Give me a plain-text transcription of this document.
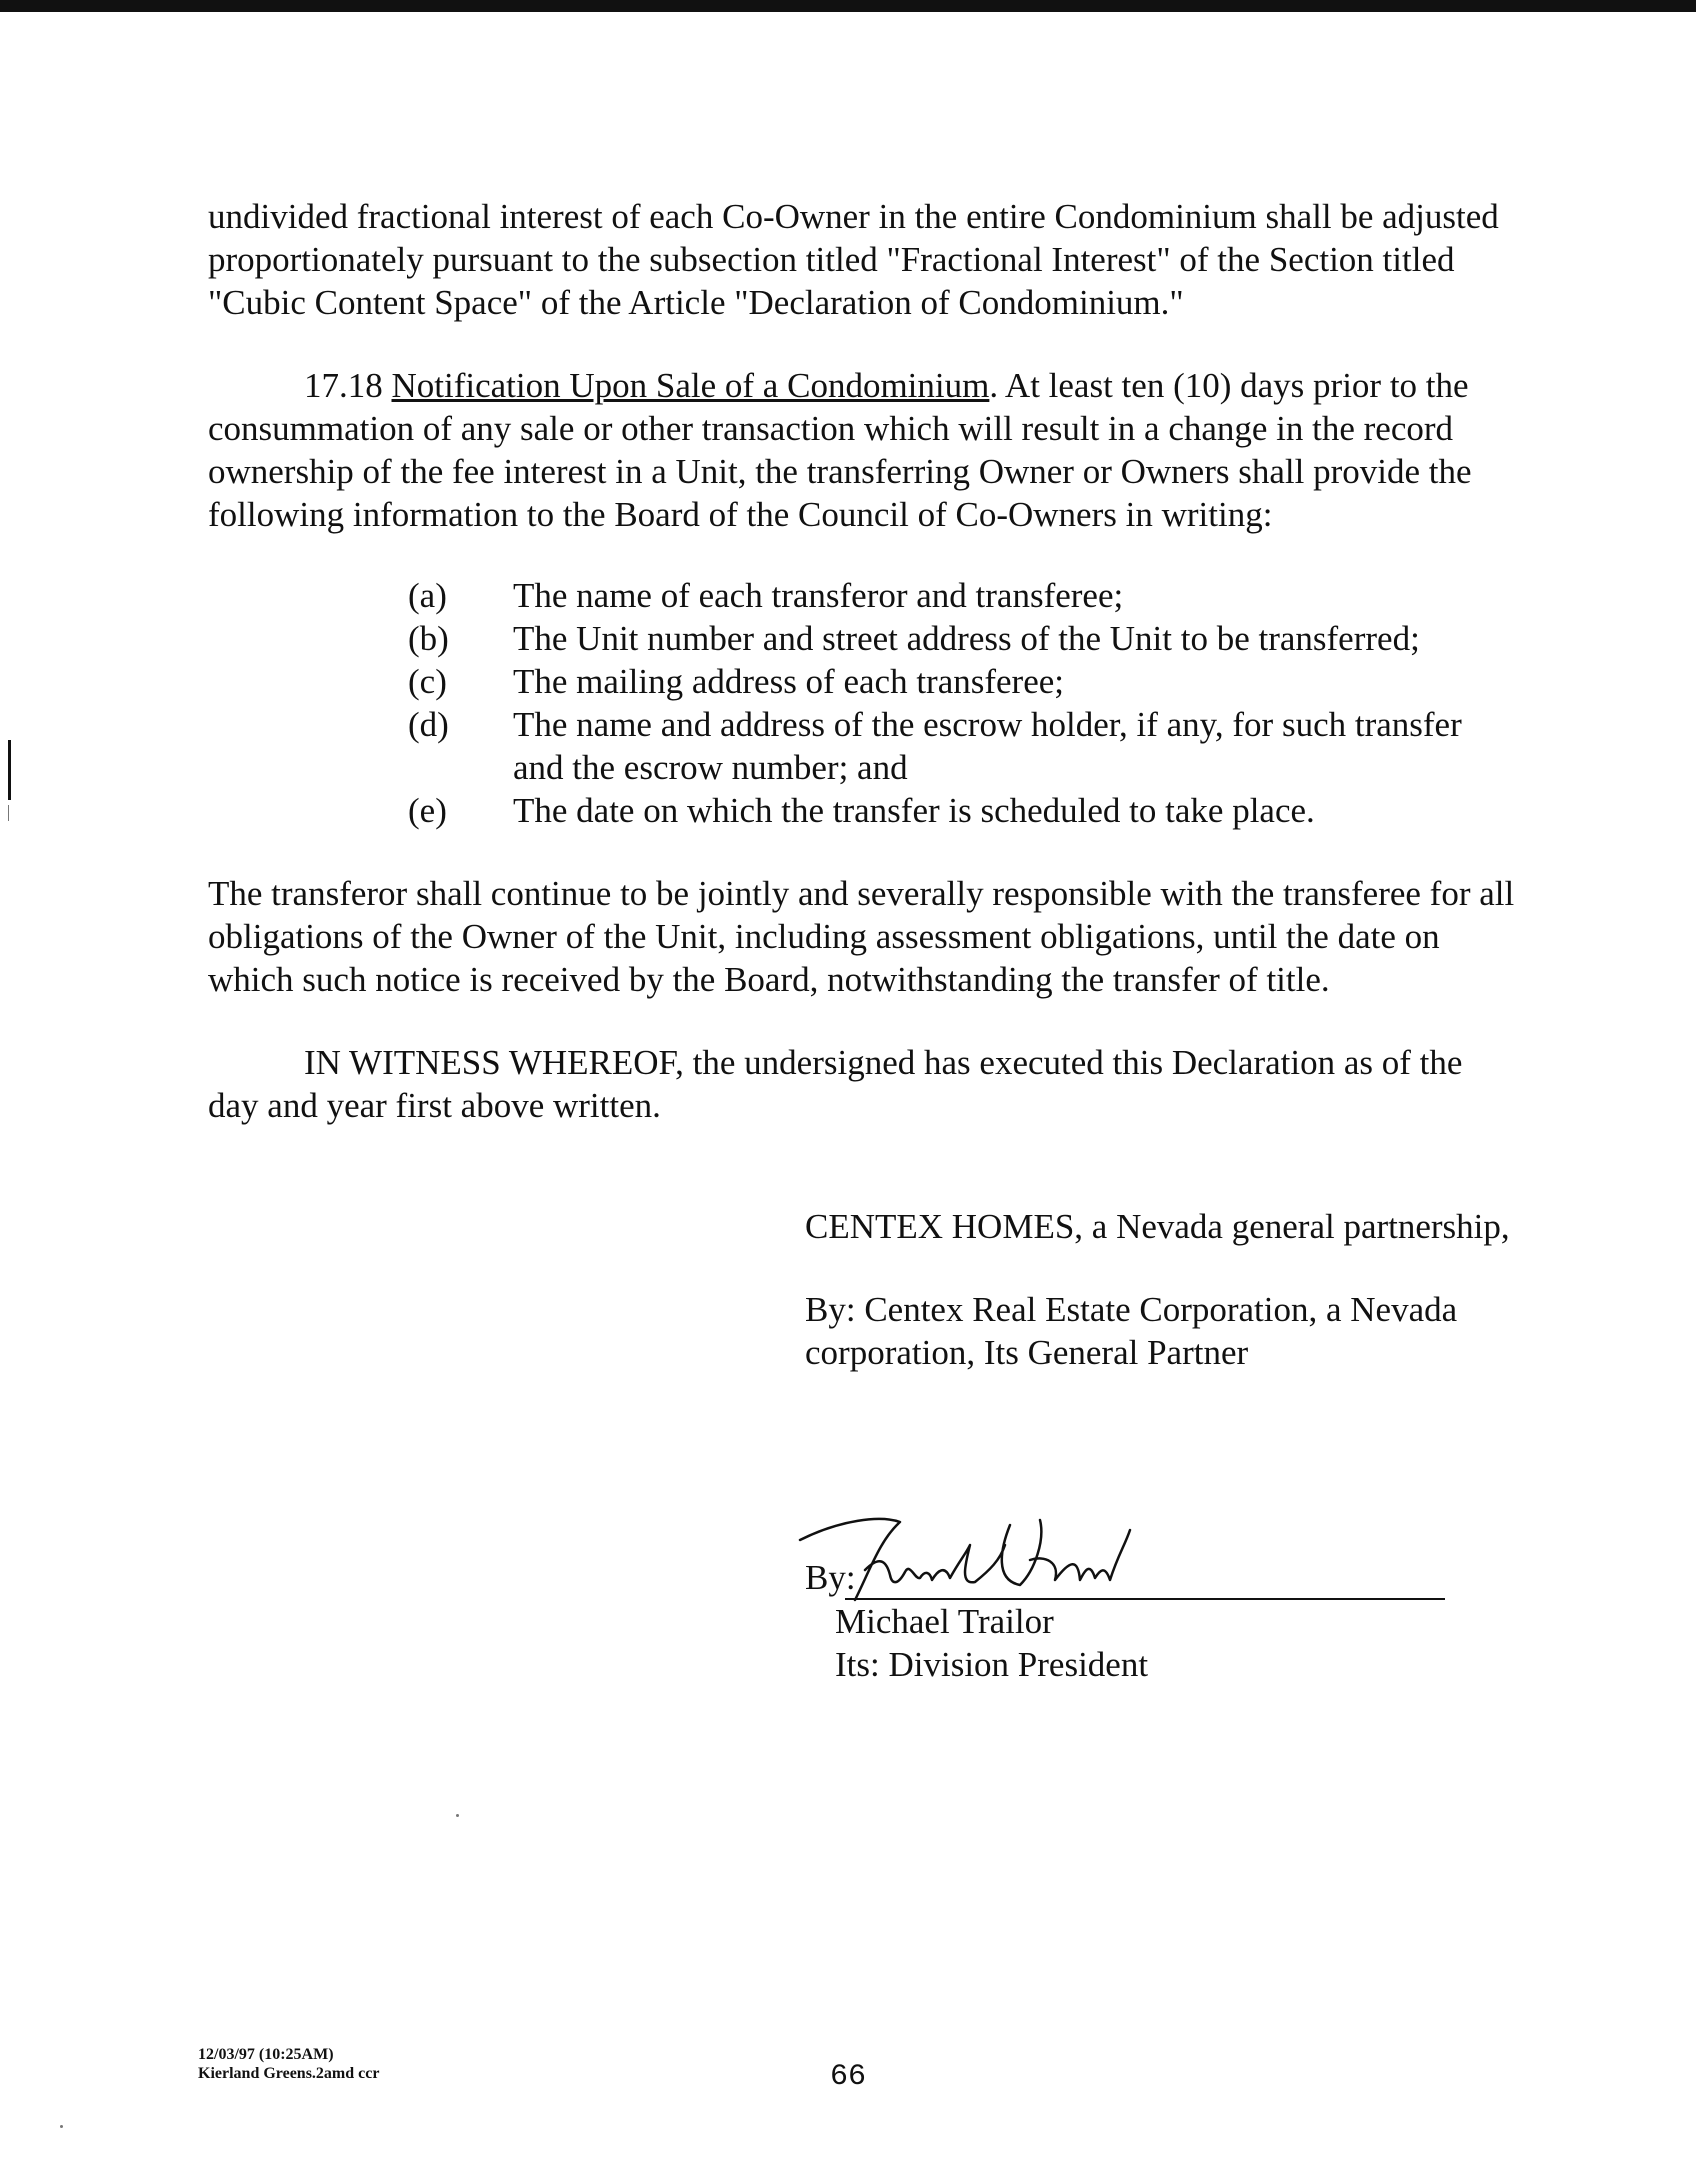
undivided fractional interest of each Co-Owner in the entire Condominium shall be adjusted proportionately pursuant to the subsection titled "Fractional Interest" of the Section titled "Cubic Content Space" of the Article "Declaration of Condominium."

17.18 Notification Upon Sale of a Condominium. At least ten (10) days prior to the consummation of any sale or other transaction which will result in a change in the record ownership of the fee interest in a Unit, the transferring Owner or Owners shall provide the following information to the Board of the Council of Co-Owners in writing:

(a)	The name of each transferor and transferee;
(b)	The Unit number and street address of the Unit to be transferred;
(c)	The mailing address of each transferee;
(d)	The name and address of the escrow holder, if any, for such transfer and the escrow number; and
(e)	The date on which the transfer is scheduled to take place.

The transferor shall continue to be jointly and severally responsible with the transferee for all obligations of the Owner of the Unit, including assessment obligations, until the date on which such notice is received by the Board, notwithstanding the transfer of title.

IN WITNESS WHEREOF, the undersigned has executed this Declaration as of the day and year first above written.

CENTEX HOMES, a Nevada general partnership,

By: Centex Real Estate Corporation, a Nevada corporation, Its General Partner

By:
Michael Trailor
Its: Division President
12/03/97 (10:25AM)
Kierland Greens.2amd ccr	66
